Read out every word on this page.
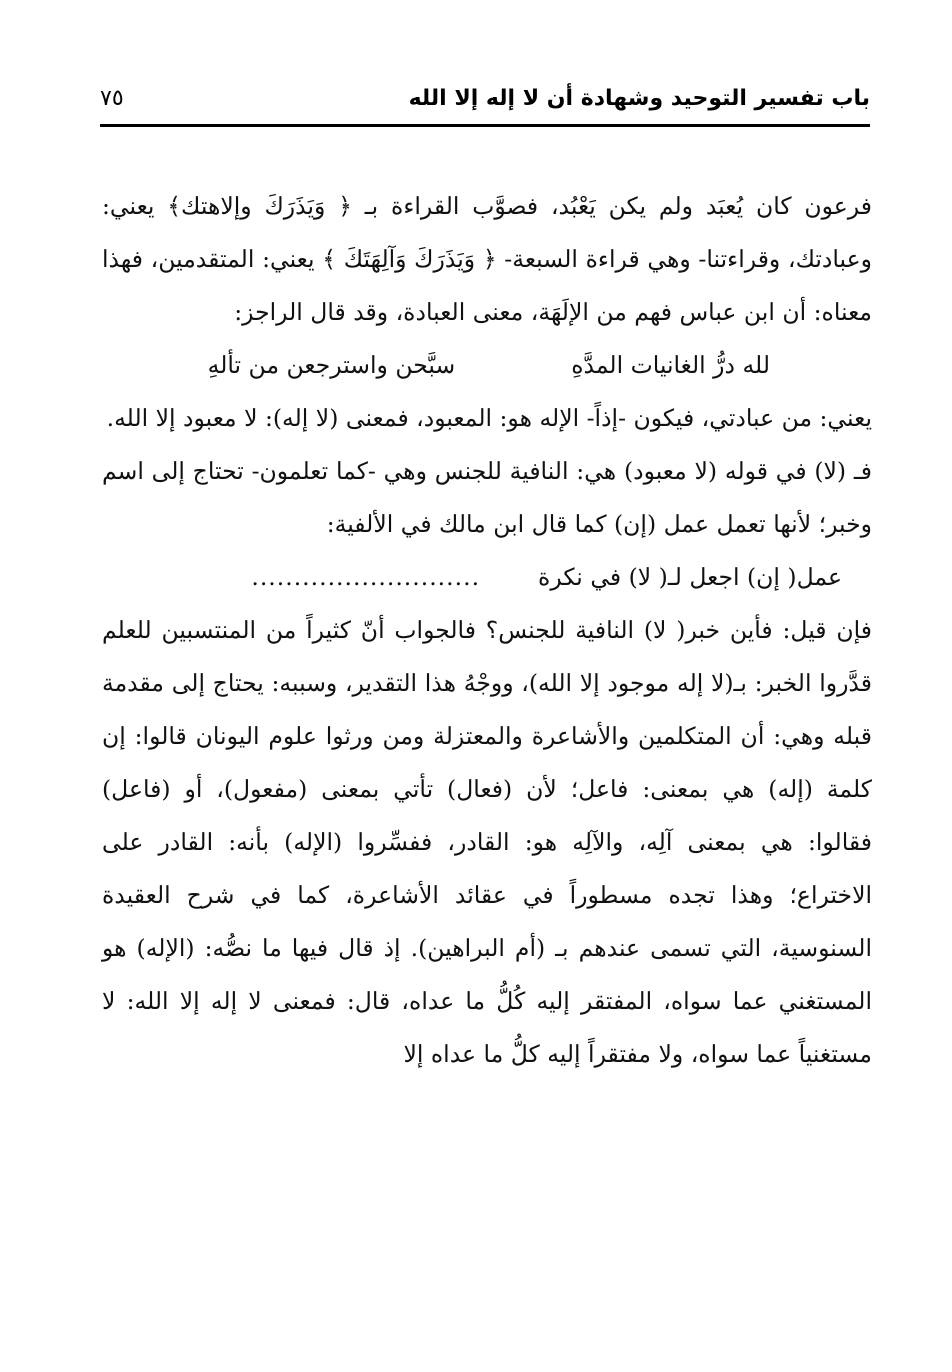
باب تفسير التوحيد وشهادة أن لا إله إلا الله
٧٥

فرعون كان يُعبَد ولم يكن يَعْبُد، فصوَّب القراءة بـ ﴿ وَيَذَرَكَ وإلاهتك﴾ يعني: وعبادتك، وقراءتنا- وهي قراءة السبعة- ﴿ وَيَذَرَكَ وَآلِهَتَكَ ﴾ يعني: المتقدمين، فهذا معناه: أن ابن عباس فهم من الإلَهَة، معنى العبادة، وقد قال الراجز:

لله درُّ الغانيات المدَّهِ
سبَّحن واسترجعن من تألهِ

يعني: من عبادتي، فيكون -إذاً- الإله هو: المعبود، فمعنى (لا إله): لا معبود إلا الله.

فـ (لا) في قوله (لا معبود) هي: النافية للجنس وهي -كما تعلمون- تحتاج إلى اسم وخبر؛ لأنها تعمل عمل (إن) كما قال ابن مالك في الألفية:

عمل( إن) اجعل لـ( لا) في نكرة
...........................

فإن قيل: فأين خبر( لا) النافية للجنس؟ فالجواب أنّ كثيراً من المنتسبين للعلم قدَّروا الخبر: بـ(لا إله موجود إلا الله)، ووجْهُ هذا التقدير، وسببه: يحتاج إلى مقدمة قبله وهي: أن المتكلمين والأشاعرة والمعتزلة ومن ورثوا علوم اليونان قالوا: إن كلمة (إله) هي بمعنى: فاعل؛ لأن (فعال) تأتي بمعنى (مفعول)، أو (فاعل) فقالوا: هي بمعنى آلِه، والآلِه هو: القادر، ففسِّروا (الإله) بأنه: القادر على الاختراع؛ وهذا تجده مسطوراً في عقائد الأشاعرة، كما في شرح العقيدة السنوسية، التي تسمى عندهم بـ (أم البراهين). إذ قال فيها ما نصُّه: (الإله) هو المستغني عما سواه، المفتقر إليه كُلُّ ما عداه، قال: فمعنى لا إله إلا الله: لا مستغنياً عما سواه، ولا مفتقراً إليه كلُّ ما عداه إلا
